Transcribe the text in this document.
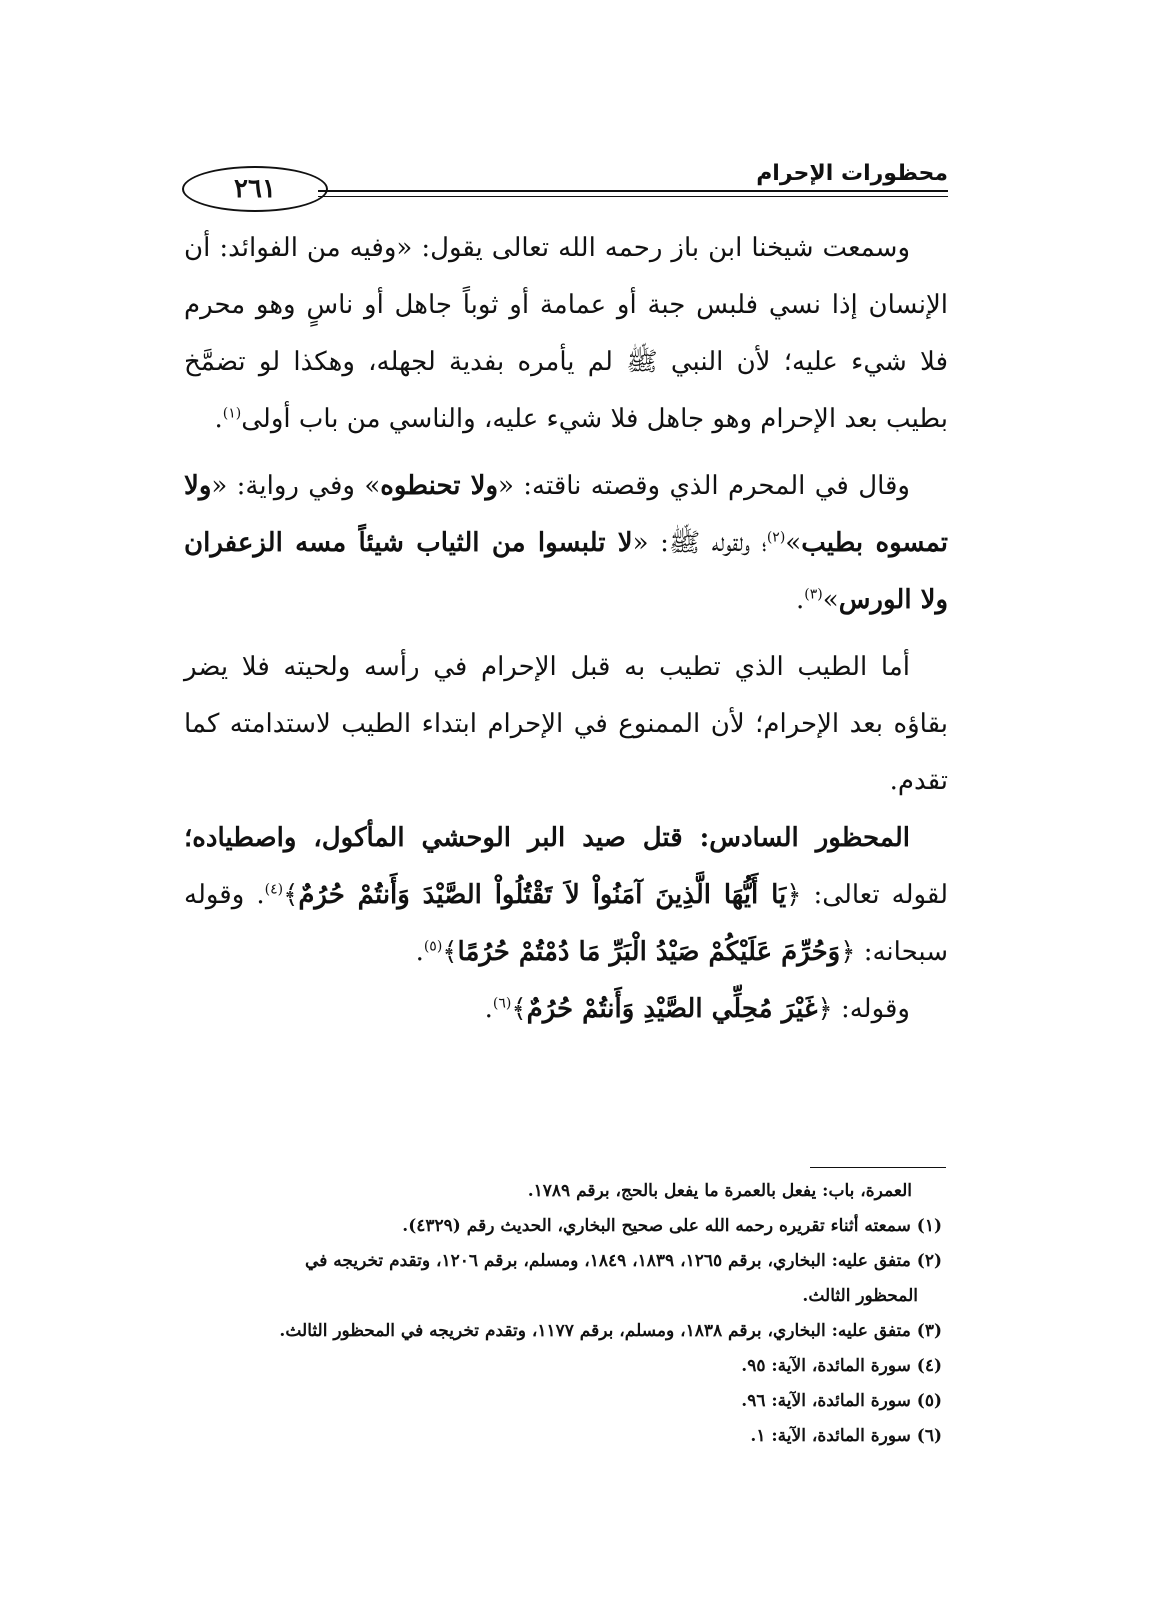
٢٦١
محظورات الإحرام

وسمعت شيخنا ابن باز رحمه الله تعالى يقول: «وفيه من الفوائد: أن الإنسان إذا نسي فلبس جبة أو عمامة أو ثوباً جاهل أو ناسٍ وهو محرم فلا شيء عليه؛ لأن النبي ﷺ لم يأمره بفدية لجهله، وهكذا لو تضمَّخ بطيب بعد الإحرام وهو جاهل فلا شيء عليه، والناسي من باب أولى$^{(١)}$.

وقال في المحرم الذي وقصته ناقته: «ولا تحنطوه» وفي رواية: «ولا تمسوه بطيب»$^{(٢)}$؛ ولقوله ﷺ: «لا تلبسوا من الثياب شيئاً مسه الزعفران ولا الورس»$^{(٣)}$.

أما الطيب الذي تطيب به قبل الإحرام في رأسه ولحيته فلا يضر بقاؤه بعد الإحرام؛ لأن الممنوع في الإحرام ابتداء الطيب لاستدامته كما تقدم.

المحظور السادس: قتل صيد البر الوحشي المأكول، واصطياده؛ لقوله تعالى: ﴿يَا أَيُّهَا الَّذِينَ آمَنُواْ لاَ تَقْتُلُواْ الصَّيْدَ وَأَنتُمْ حُرُمٌ﴾$^{(٤)}$. وقوله سبحانه: ﴿وَحُرِّمَ عَلَيْكُمْ صَيْدُ الْبَرِّ مَا دُمْتُمْ حُرُمًا﴾$^{(٥)}$.

وقوله: ﴿غَيْرَ مُحِلِّي الصَّيْدِ وَأَنتُمْ حُرُمٌ﴾$^{(٦)}$.

العمرة، باب: يفعل بالعمرة ما يفعل بالحج، برقم ١٧٨٩.

(١) سمعته أثناء تقريره رحمه الله على صحيح البخاري، الحديث رقم (٤٣٢٩).

(٢) متفق عليه: البخاري، برقم ١٢٦٥، ١٨٣٩، ١٨٤٩، ومسلم، برقم ١٢٠٦، وتقدم تخريجه في

المحظور الثالث.

(٣) متفق عليه: البخاري، برقم ١٨٣٨، ومسلم، برقم ١١٧٧، وتقدم تخريجه في المحظور الثالث.

(٤) سورة المائدة، الآية: ٩٥.

(٥) سورة المائدة، الآية: ٩٦.

(٦) سورة المائدة، الآية: ١.
